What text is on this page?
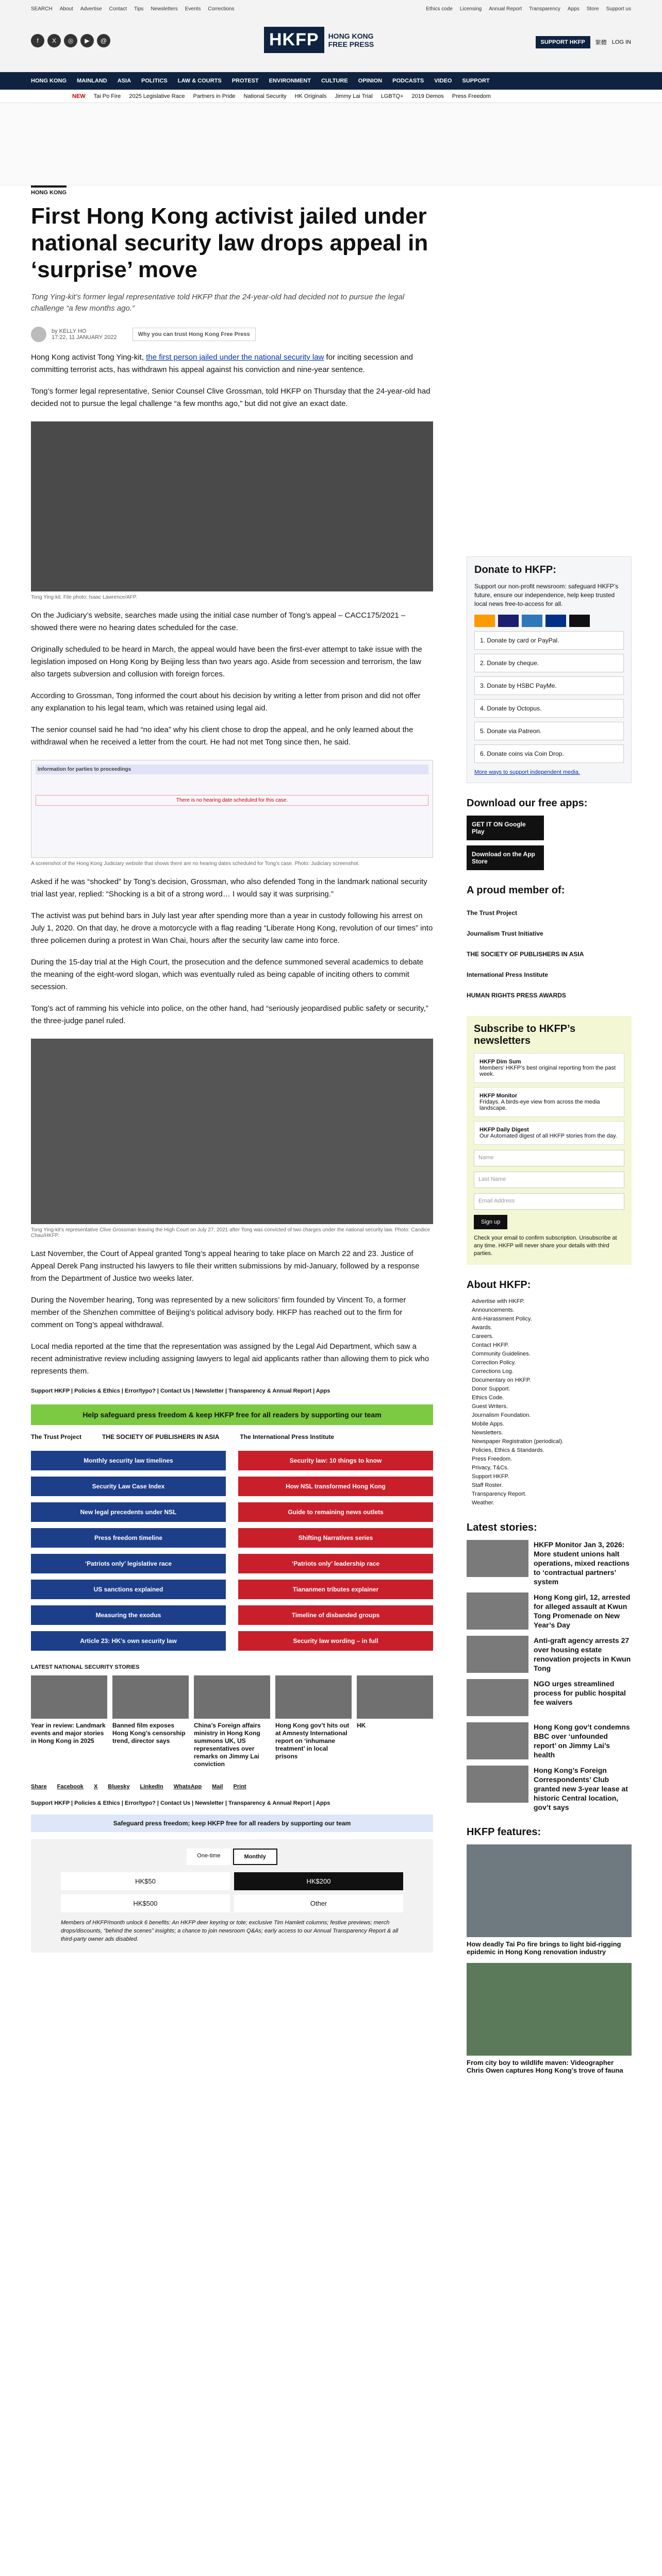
SEARCH About Advertise Contact Tips Newsletters Events Corrections	Ethics code Licensing Annual Report Transparency Apps Store Support us
f	X	◎	▶	@	HKFP	HONG KONG
FREE PRESS	SUPPORT HKFP	繁體 LOG IN
HONG KONG MAINLAND ASIA POLITICS LAW & COURTS PROTEST ENVIRONMENT CULTURE OPINION PODCASTS VIDEO SUPPORT
NEW Tai Po Fire 2025 Legislative Race Partners in Pride National Security HK Originals Jimmy Lai Trial LGBTQ+ 2019 Demos Press Freedom
HONG KONG
First Hong Kong activist jailed under national security law drops appeal in ‘surprise’ move
Tong Ying-kit’s former legal representative told HKFP that the 24-year-old had decided not to pursue the legal challenge “a few months ago.”
by KELLY HO
17:22, 11 JANUARY 2022	Why you can trust Hong Kong Free Press

Hong Kong activist Tong Ying-kit, the first person jailed under the national security law for inciting secession and committing terrorist acts, has withdrawn his appeal against his conviction and nine-year sentence.

Tong’s former legal representative, Senior Counsel Clive Grossman, told HKFP on Thursday that the 24-year-old had decided not to pursue the legal challenge “a few months ago,” but did not give an exact date.

Tong Ying-kit. File photo: Isaac Lawrence/AFP.

On the Judiciary’s website, searches made using the initial case number of Tong’s appeal – CACC175/2021 – showed there were no hearing dates scheduled for the case.

Originally scheduled to be heard in March, the appeal would have been the first-ever attempt to take issue with the legislation imposed on Hong Kong by Beijing less than two years ago. Aside from secession and terrorism, the law also targets subversion and collusion with foreign forces.

According to Grossman, Tong informed the court about his decision by writing a letter from prison and did not offer any explanation to his legal team, which was retained using legal aid.

The senior counsel said he had “no idea” why his client chose to drop the appeal, and he only learned about the withdrawal when he received a letter from the court. He had not met Tong since then, he said.

Information for parties to proceedings
There is no hearing date scheduled for this case.
A screenshot of the Hong Kong Judiciary website that shows there are no hearing dates scheduled for Tong’s case. Photo: Judiciary screenshot.

Asked if he was “shocked” by Tong’s decision, Grossman, who also defended Tong in the landmark national security trial last year, replied: “Shocking is a bit of a strong word… I would say it was surprising.”

The activist was put behind bars in July last year after spending more than a year in custody following his arrest on July 1, 2020. On that day, he drove a motorcycle with a flag reading “Liberate Hong Kong, revolution of our times” into three policemen during a protest in Wan Chai, hours after the security law came into force.

During the 15-day trial at the High Court, the prosecution and the defence summoned several academics to debate the meaning of the eight-word slogan, which was eventually ruled as being capable of inciting others to commit secession.

Tong’s act of ramming his vehicle into police, on the other hand, had “seriously jeopardised public safety or security,” the three-judge panel ruled.

Tong Ying-kit’s representative Clive Grossman leaving the High Court on July 27, 2021 after Tong was convicted of two charges under the national security law. Photo: Candice Chau/HKFP.

Last November, the Court of Appeal granted Tong’s appeal hearing to take place on March 22 and 23. Justice of Appeal Derek Pang instructed his lawyers to file their written submissions by mid-January, followed by a response from the Department of Justice two weeks later.

During the November hearing, Tong was represented by a new solicitors’ firm founded by Vincent To, a former member of the Shenzhen committee of Beijing’s political advisory body. HKFP has reached out to the firm for comment on Tong’s appeal withdrawal.

Local media reported at the time that the representation was assigned by the Legal Aid Department, which saw a recent administrative review including assigning lawyers to legal aid applicants rather than allowing them to pick who represents them.

Support HKFP | Policies & Ethics | Error/typo? | Contact Us | Newsletter | Transparency & Annual Report | Apps
Help safeguard press freedom & keep HKFP free for all readers by supporting our team
The Trust Project	THE SOCIETY OF PUBLISHERS IN ASIA	The International Press Institute
Monthly security law timelines	Security law: 10 things to know
Security Law Case Index	How NSL transformed Hong Kong
New legal precedents under NSL	Guide to remaining news outlets
Press freedom timeline	Shifting Narratives series
‘Patriots only’ legislative race	‘Patriots only’ leadership race
US sanctions explained	Tiananmen tributes explainer
Measuring the exodus	Timeline of disbanded groups
Article 23: HK’s own security law	Security law wording – in full
LATEST NATIONAL SECURITY STORIES
Year in review: Landmark events and major stories in Hong Kong in 2025
Banned film exposes Hong Kong’s censorship trend, director says
China’s Foreign affairs ministry in Hong Kong summons UK, US representatives over remarks on Jimmy Lai conviction
Hong Kong gov’t hits out at Amnesty International report on ‘inhumane treatment’ in local prisons
HK
Share Facebook X Bluesky LinkedIn WhatsApp Mail Print
Support HKFP | Policies & Ethics | Error/typo? | Contact Us | Newsletter | Transparency & Annual Report | Apps
Safeguard press freedom; keep HKFP free for all readers by supporting our team
One-time	Monthly
HK$50	HK$200
HK$500	Other
Members of HKFP/month unlock 6 benefits: An HKFP deer keyring or tote; exclusive Tim Hamlett columns; festive previews; merch drops/discounts, “behind the scenes” insights; a chance to join newsroom Q&As; early access to our Annual Transparency Report & all third-party owner ads disabled.
Donate to HKFP:
Support our non-profit newsroom: safeguard HKFP’s future, ensure our independence, help keep trusted local news free-to-access for all.
1. Donate by card or PayPal.
2. Donate by cheque.
3. Donate by HSBC PayMe.
4. Donate by Octopus.
5. Donate via Patreon.
6. Donate coins via Coin Drop.
More ways to support independent media.
Download our free apps:
GET IT ON Google Play
Download on the App Store
A proud member of:
The Trust Project
Journalism Trust Initiative
THE SOCIETY OF PUBLISHERS IN ASIA
International Press Institute
HUMAN RIGHTS PRESS AWARDS
Subscribe to HKFP’s newsletters
HKFP Dim Sum
Members’ HKFP’s best original reporting from the past week.
HKFP Monitor
Fridays. A birds-eye view from across the media landscape.
HKFP Daily Digest
Our Automated digest of all HKFP stories from the day.
Name
Last Name
Email Address
Sign up
Check your email to confirm subscription. Unsubscribe at any time. HKFP will never share your details with third parties.
About HKFP:
Advertise with HKFP.
Announcements.
Anti-Harassment Policy.
Awards.
Careers.
Contact HKFP.
Community Guidelines.
Correction Policy.
Corrections Log.
Documentary on HKFP.
Donor Support.
Ethics Code.
Guest Writers.
Journalism Foundation.
Mobile Apps.
Newsletters.
Newspaper Registration (periodical).
Policies, Ethics & Standards.
Press Freedom.
Privacy, T&Cs.
Support HKFP.
Staff Roster.
Transparency Report.
Weather.
Latest stories:
HKFP Monitor Jan 3, 2026: More student unions halt operations, mixed reactions to ‘contractual partners’ system
Hong Kong girl, 12, arrested for alleged assault at Kwun Tong Promenade on New Year’s Day
Anti-graft agency arrests 27 over housing estate renovation projects in Kwun Tong
NGO urges streamlined process for public hospital fee waivers
Hong Kong gov’t condemns BBC over ‘unfounded report’ on Jimmy Lai’s health
Hong Kong’s Foreign Correspondents’ Club granted new 3-year lease at historic Central location, gov’t says
HKFP features:
How deadly Tai Po fire brings to light bid-rigging epidemic in Hong Kong renovation industry
From city boy to wildlife maven: Videographer Chris Owen captures Hong Kong’s trove of fauna
